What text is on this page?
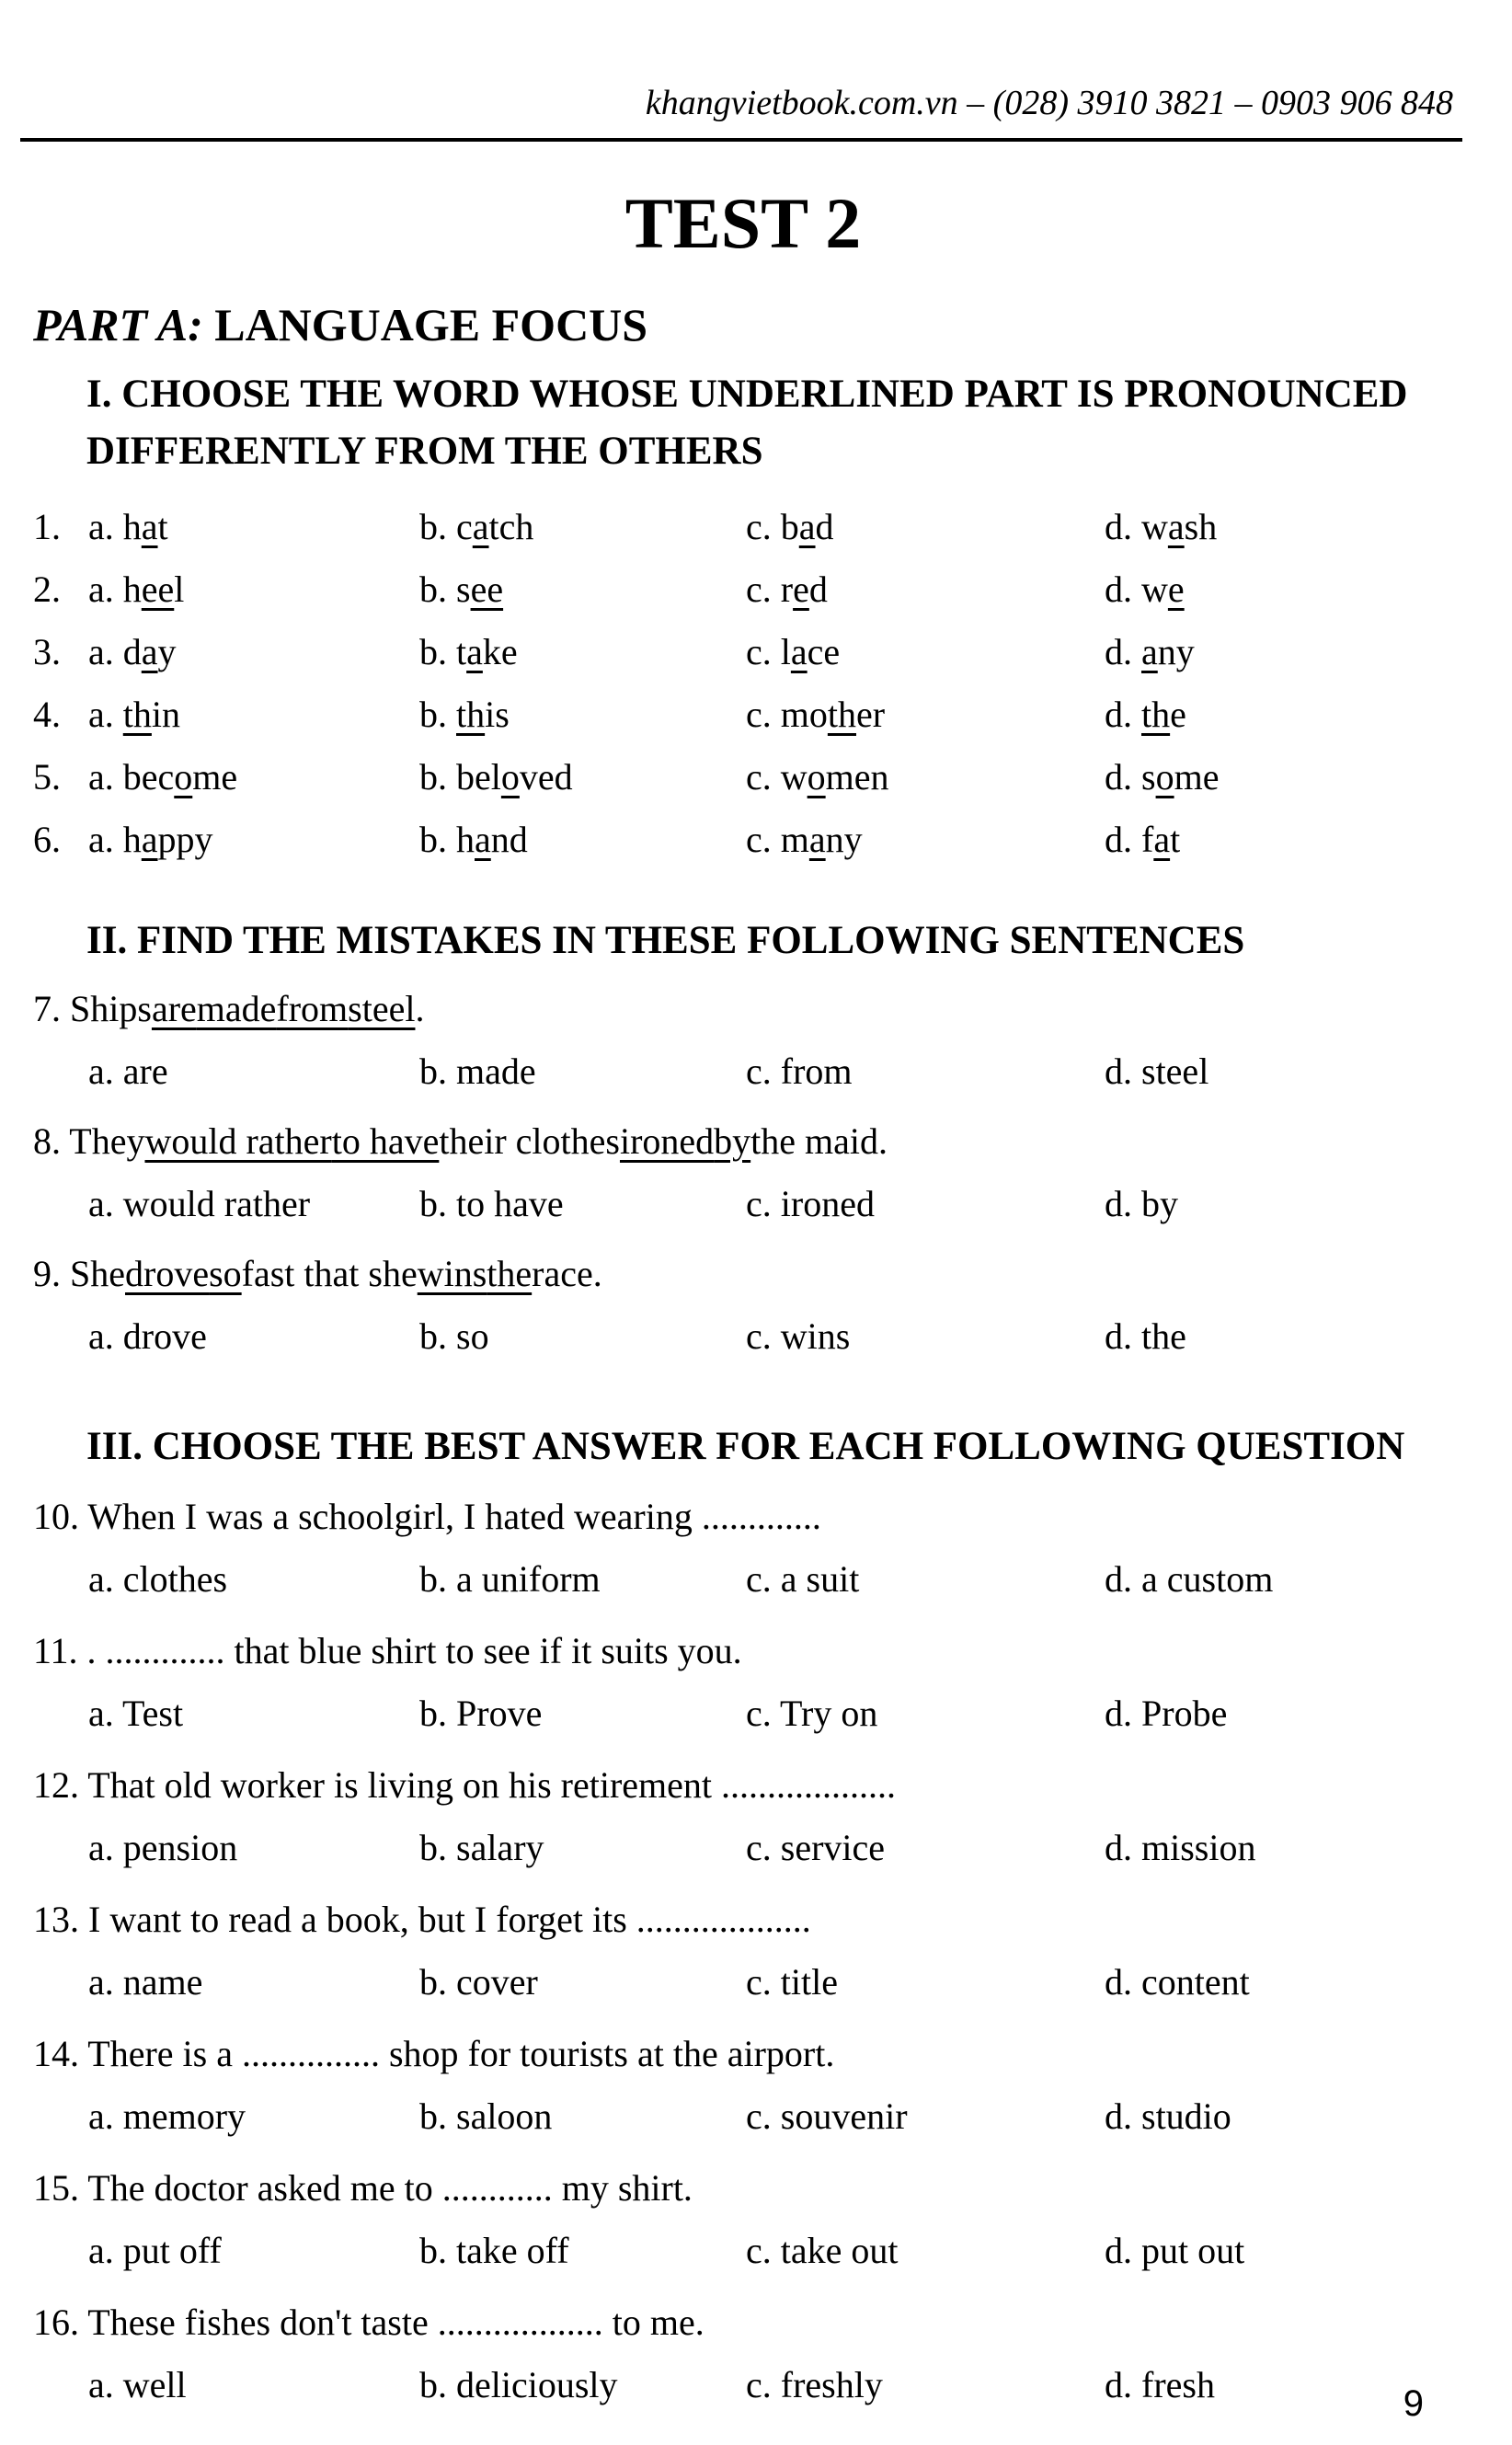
khangvietbook.com.vn – (028) 3910 3821 – 0903 906 848
TEST 2
PART A: LANGUAGE FOCUS
I. CHOOSE THE WORD WHOSE UNDERLINED PART IS PRONOUNCED
DIFFERENTLY FROM THE OTHERS
1. a. hat	b. catch	c. bad	d. wash
2. a. heel	b. see	c. red	d. we
3. a. day	b. take	c. lace	d. any
4. a. thin	b. this	c. mother	d. the
5. a. become	b. beloved	c. women	d. some
6. a. happy	b. hand	c. many	d. fat
II. FIND THE MISTAKES IN THESE FOLLOWING SENTENCES
7. Ships are made from steel .
a. are	b. made	c. from	d. steel
8. They would rather to have their clothes ironed by the maid.
a. would rather	b. to have	c. ironed	d. by
9. She drove so fast that she wins the race.
a. drove	b. so	c. wins	d. the
III. CHOOSE THE BEST ANSWER FOR EACH FOLLOWING QUESTION
10. When I was a schoolgirl, I hated wearing .............
a. clothes	b. a uniform	c. a suit	d. a custom
11. . ............. that blue shirt to see if it suits you.
a. Test	b. Prove	c. Try on	d. Probe
12. That old worker is living on his retirement ...................
a. pension	b. salary	c. service	d. mission
13. I want to read a book, but I forget its ...................
a. name	b. cover	c. title	d. content
14. There is a ............... shop for tourists at the airport.
a. memory	b. saloon	c. souvenir	d. studio
15. The doctor asked me to ............ my shirt.
a. put off	b. take off	c. take out	d. put out
16. These fishes don't taste .................. to me.
a. well	b. deliciously	c. freshly	d. fresh	9
